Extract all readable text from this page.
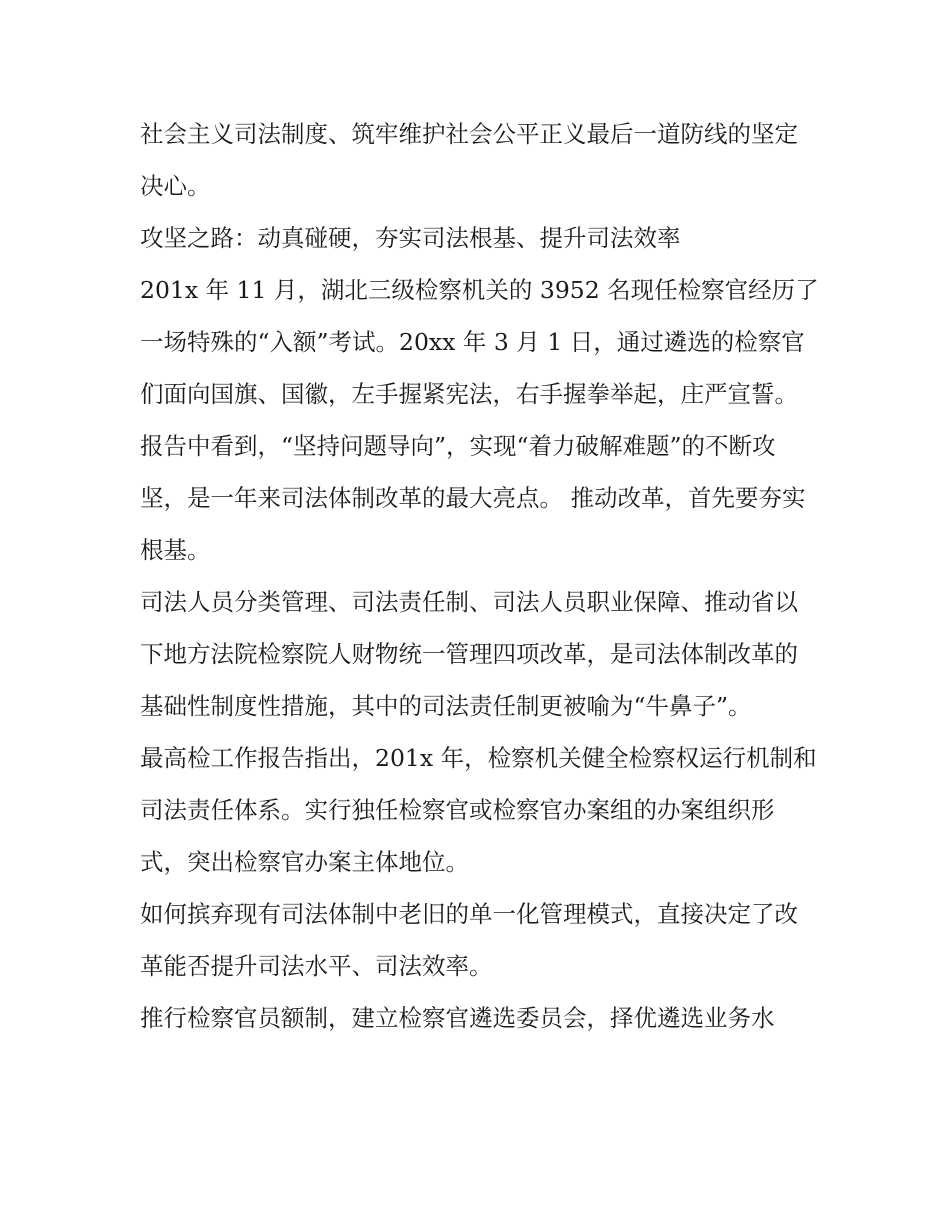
社会主义司法制度、筑牢维护社会公平正义最后一道防线的坚定决心。

攻坚之路：动真碰硬，夯实司法根基、提升司法效率

201x 年 11 月，湖北三级检察机关的 3952 名现任检察官经历了一场特殊的“入额”考试。20xx 年 3 月 1 日，通过遴选的检察官们面向国旗、国徽，左手握紧宪法，右手握拳举起，庄严宣誓。

报告中看到，“坚持问题导向”，实现“着力破解难题”的不断攻坚，是一年来司法体制改革的最大亮点。 推动改革，首先要夯实根基。

司法人员分类管理、司法责任制、司法人员职业保障、推动省以下地方法院检察院人财物统一管理四项改革，是司法体制改革的基础性制度性措施，其中的司法责任制更被喻为“牛鼻子”。

最高检工作报告指出，201x 年，检察机关健全检察权运行机制和司法责任体系。实行独任检察官或检察官办案组的办案组织形式，突出检察官办案主体地位。

如何摈弃现有司法体制中老旧的单一化管理模式，直接决定了改革能否提升司法水平、司法效率。

推行检察官员额制，建立检察官遴选委员会，择优遴选业务水
